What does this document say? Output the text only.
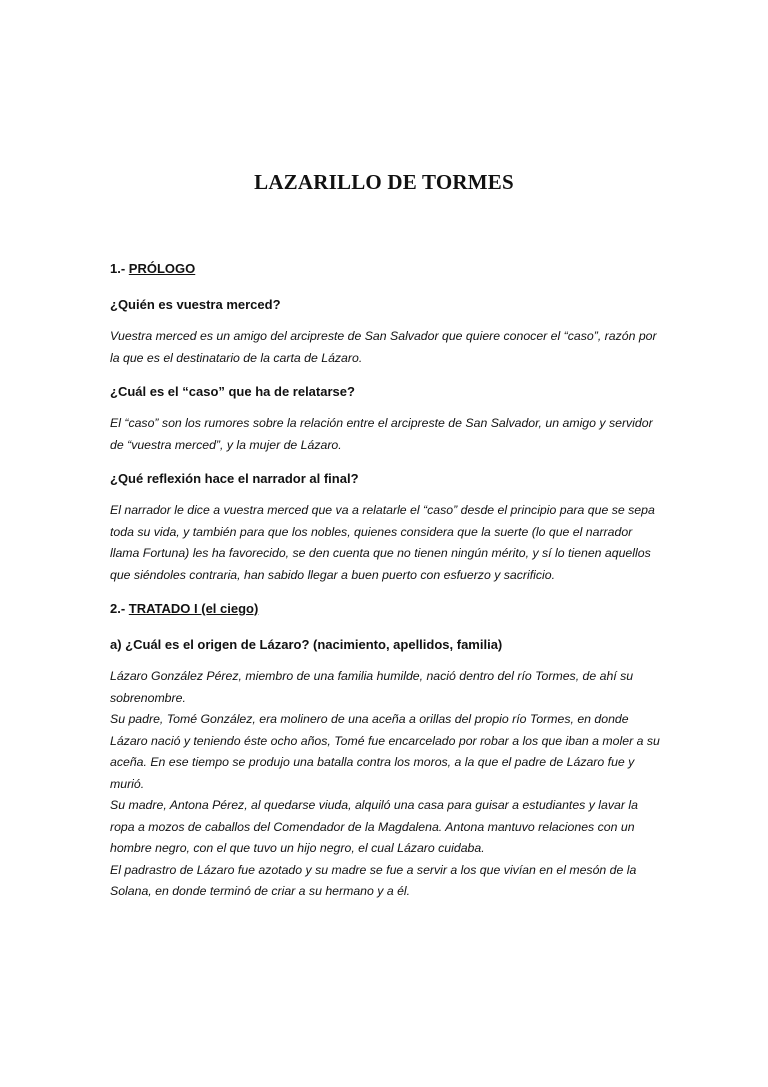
LAZARILLO DE TORMES
1.- PRÓLOGO
¿Quién es vuestra merced?

Vuestra merced es un amigo del arcipreste de San Salvador que quiere conocer el “caso”, razón por la que es el destinatario de la carta de Lázaro.

¿Cuál es el “caso” que ha de relatarse?

El “caso” son los rumores sobre la relación entre el arcipreste de San Salvador, un amigo y servidor de “vuestra merced”, y la mujer de Lázaro.

¿Qué reflexión hace el narrador al final?

El narrador le dice a vuestra merced que va a relatarle el “caso” desde el principio para que se sepa toda su vida, y también para que los nobles, quienes considera que la suerte (lo que el narrador llama Fortuna) les ha favorecido, se den cuenta que no tienen ningún mérito, y sí lo tienen aquellos que siéndoles contraria, han sabido llegar a buen puerto con esfuerzo y sacrificio.

2.- TRATADO I (el ciego)
a) ¿Cuál es el origen de Lázaro? (nacimiento, apellidos, familia)

Lázaro González Pérez, miembro de una familia humilde, nació dentro del río Tormes, de ahí su sobrenombre.

Su padre, Tomé González, era molinero de una aceña a orillas del propio río Tormes, en donde Lázaro nació y teniendo éste ocho años, Tomé fue encarcelado por robar a los que iban a moler a su aceña. En ese tiempo se produjo una batalla contra los moros, a la que el padre de Lázaro fue y murió.

Su madre, Antona Pérez, al quedarse viuda, alquiló una casa para guisar a estudiantes y lavar la ropa a mozos de caballos del Comendador de la Magdalena. Antona mantuvo relaciones con un hombre negro, con el que tuvo un hijo negro, el cual Lázaro cuidaba.

El padrastro de Lázaro fue azotado y su madre se fue a servir a los que vivían en el mesón de la Solana, en donde terminó de criar a su hermano y a él.
